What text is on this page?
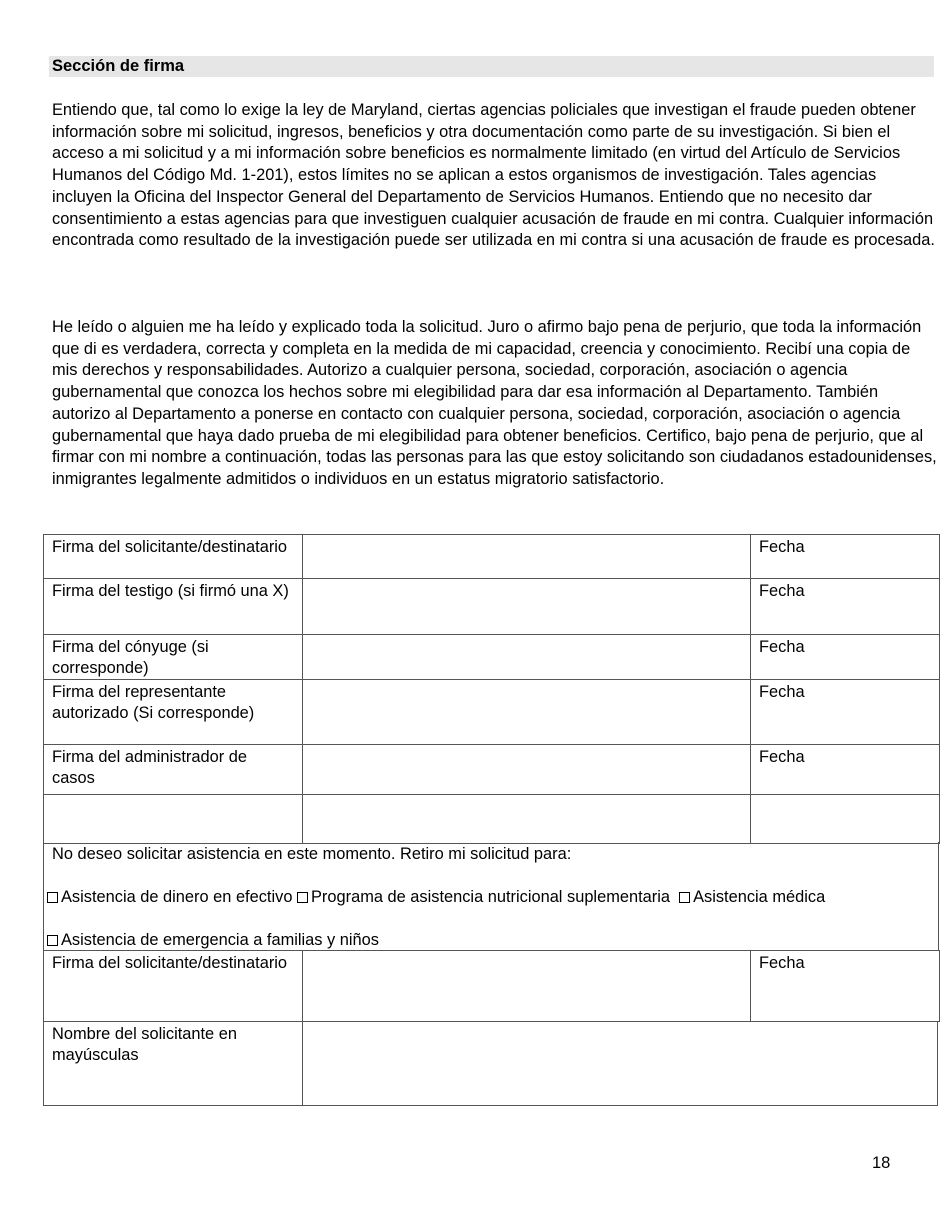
Sección de firma

Entiendo que, tal como lo exige la ley de Maryland, ciertas agencias policiales que investigan el fraude pueden obtener información sobre mi solicitud, ingresos, beneficios y otra documentación como parte de su investigación. Si bien el acceso a mi solicitud y a mi información sobre beneficios es normalmente limitado (en virtud del Artículo de Servicios Humanos del Código Md. 1-201), estos límites no se aplican a estos organismos de investigación. Tales agencias incluyen la Oficina del Inspector General del Departamento de Servicios Humanos. Entiendo que no necesito dar consentimiento a estas agencias para que investiguen cualquier acusación de fraude en mi contra. Cualquier información encontrada como resultado de la investigación puede ser utilizada en mi contra si una acusación de fraude es procesada.

He leído o alguien me ha leído y explicado toda la solicitud. Juro o afirmo bajo pena de perjurio, que toda la información que di es verdadera, correcta y completa en la medida de mi capacidad, creencia y conocimiento. Recibí una copia de mis derechos y responsabilidades. Autorizo a cualquier persona, sociedad, corporación, asociación o agencia gubernamental que conozca los hechos sobre mi elegibilidad para dar esa información al Departamento. También autorizo al Departamento a ponerse en contacto con cualquier persona, sociedad, corporación, asociación o agencia gubernamental que haya dado prueba de mi elegibilidad para obtener beneficios. Certifico, bajo pena de perjurio, que al firmar con mi nombre a continuación, todas las personas para las que estoy solicitando son ciudadanos estadounidenses, inmigrantes legalmente admitidos o individuos en un estatus migratorio satisfactorio.

Firma del solicitante/destinatario		Fecha
Firma del testigo (si firmó una X)		Fecha
Firma del cónyuge (si corresponde)		Fecha
Firma del representante autorizado (Si corresponde)		Fecha
Firma del administrador de casos		Fecha

No deseo solicitar asistencia en este momento. Retiro mi solicitud para:
Asistencia de dinero en efectivo Programa de asistencia nutricional suplementaria Asistencia médica
Asistencia de emergencia a familias y niños
Firma del solicitante/destinatario		Fecha
Nombre del solicitante en mayúsculas	
18
